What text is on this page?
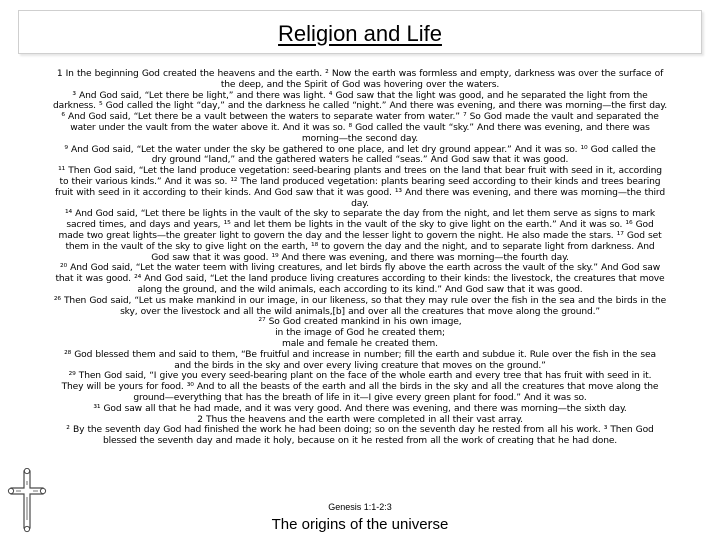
Religion and Life

1 In the beginning God created the heavens and the earth. ² Now the earth was formless and empty, darkness was over the surface of

the deep, and the Spirit of God was hovering over the waters.

³ And God said, “Let there be light,” and there was light. ⁴ God saw that the light was good, and he separated the light from the

darkness. ⁵ God called the light “day,” and the darkness he called “night.” And there was evening, and there was morning—the first day.

⁶ And God said, “Let there be a vault between the waters to separate water from water.” ⁷ So God made the vault and separated the

water under the vault from the water above it. And it was so. ⁸ God called the vault “sky.” And there was evening, and there was

morning—the second day.

⁹ And God said, “Let the water under the sky be gathered to one place, and let dry ground appear.” And it was so. ¹⁰ God called the

dry ground “land,” and the gathered waters he called “seas.” And God saw that it was good.

¹¹ Then God said, “Let the land produce vegetation: seed-bearing plants and trees on the land that bear fruit with seed in it, according

to their various kinds.” And it was so. ¹² The land produced vegetation: plants bearing seed according to their kinds and trees bearing

fruit with seed in it according to their kinds. And God saw that it was good. ¹³ And there was evening, and there was morning—the third

day.

¹⁴ And God said, “Let there be lights in the vault of the sky to separate the day from the night, and let them serve as signs to mark

sacred times, and days and years, ¹⁵ and let them be lights in the vault of the sky to give light on the earth.” And it was so. ¹⁶ God

made two great lights—the greater light to govern the day and the lesser light to govern the night. He also made the stars. ¹⁷ God set

them in the vault of the sky to give light on the earth, ¹⁸ to govern the day and the night, and to separate light from darkness. And

God saw that it was good. ¹⁹ And there was evening, and there was morning—the fourth day.

²⁰ And God said, “Let the water teem with living creatures, and let birds fly above the earth across the vault of the sky.” And God saw

that it was good. ²⁴ And God said, “Let the land produce living creatures according to their kinds: the livestock, the creatures that move

along the ground, and the wild animals, each according to its kind.” And God saw that it was good.

²⁶ Then God said, “Let us make mankind in our image, in our likeness, so that they may rule over the fish in the sea and the birds in the

sky, over the livestock and all the wild animals,[b] and over all the creatures that move along the ground.”

²⁷ So God created mankind in his own image,

in the image of God he created them;

male and female he created them.

²⁸ God blessed them and said to them, “Be fruitful and increase in number; fill the earth and subdue it. Rule over the fish in the sea

and the birds in the sky and over every living creature that moves on the ground.”

²⁹ Then God said, “I give you every seed-bearing plant on the face of the whole earth and every tree that has fruit with seed in it.

They will be yours for food. ³⁰ And to all the beasts of the earth and all the birds in the sky and all the creatures that move along the

ground—everything that has the breath of life in it—I give every green plant for food.” And it was so.

³¹ God saw all that he had made, and it was very good. And there was evening, and there was morning—the sixth day.

2 Thus the heavens and the earth were completed in all their vast array.

² By the seventh day God had finished the work he had been doing; so on the seventh day he rested from all his work. ³ Then God

blessed the seventh day and made it holy, because on it he rested from all the work of creating that he had done.

Genesis 1:1-2:3
The origins of the universe
